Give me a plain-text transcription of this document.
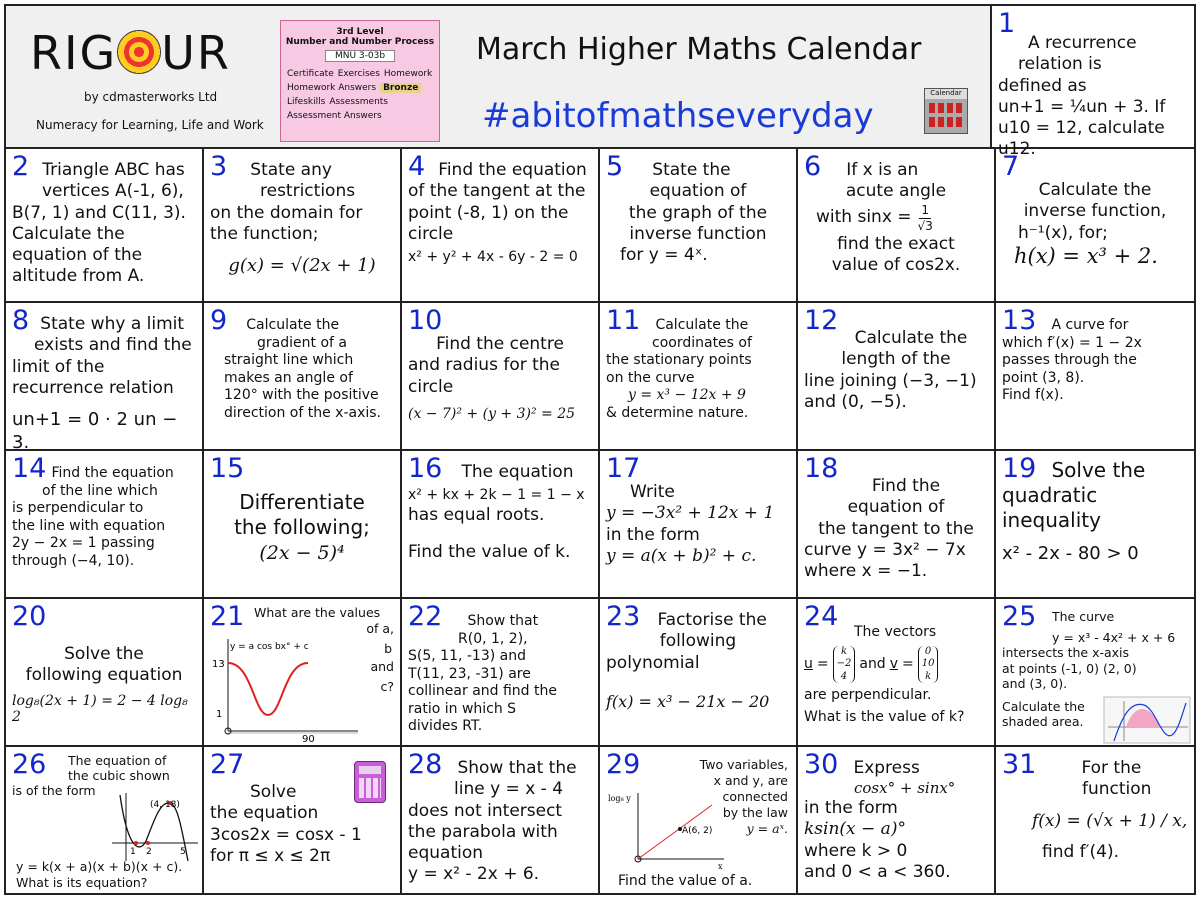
RIG UR
by cdmasterworks Ltd
Numeracy for Learning, Life and Work
3rd Level
Number and Number Process
MNU 3-03b
Certificate Exercises Homework
Homework Answers Bronze
Lifeskills Assessments
Assessment Answers
March Higher Maths Calendar
#abitofmathseveryday
Calendar
1
A recurrence
relation is
defined as
un+1 = ¼un + 3. If
u10 = 12, calculate u12.
2 Triangle ABC has
vertices A(-1, 6),
B(7, 1) and C(11, 3).
Calculate the
equation of the
altitude from A.
3 State any
restrictions
on the domain for
the function;
g(x) = √(2x + 1)
4 Find the equation
of the tangent at the
point (-8, 1) on the
circle
x² + y² + 4x - 6y - 2 = 0
5 State the
equation of
the graph of the
inverse function
for y = 4ˣ.
6 If x is an
acute angle
with $\sin x = \frac{1}{√3}$
find the exact
value of cos2x.
7
Calculate the
inverse function,
h⁻¹(x), for;
h(x) = x³ + 2.
8 State why a limit
exists and find the
limit of the
recurrence relation
un+1 = 0 · 2 un − 3.
9 Calculate the
gradient of a
straight line which
makes an angle of
120° with the positive
direction of the x-axis.
10
Find the centre
and radius for the
circle
(x − 7)² + (y + 3)² = 25
11 Calculate the
coordinates of
the stationary points
on the curve
y = x³ − 12x + 9
& determine nature.
12
Calculate the
length of the
line joining (−3, −1)
and (0, −5).
13 A curve for
which f′(x) = 1 − 2x
passes through the
point (3, 8).
Find f(x).
14 Find the equation
of the line which
is perpendicular to
the line with equation
2y − 2x = 1 passing
through (−4, 10).
15
Differentiate
the following;
(2x − 5)⁴
16 The equation
x² + kx + 2k − 1 = 1 − x
has equal roots.
Find the value of k.
17
Write
y = −3x² + 12x + 1
in the form
y = a(x + b)² + c.
18
Find the
equation of
the tangent to the
curve y = 3x² − 7x
where x = −1.
19 Solve the
quadratic
inequality
x² - 2x - 80 > 0
20
Solve the
following equation
log₈(2x + 1) = 2 − 4 log₈ 2
21 What are the values
of a,
b
and
c?
y = a cos bx° + c
13
1
90
22 Show that
R(0, 1, 2),
S(5, 11, -13) and
T(11, 23, -31) are
collinear and find the
ratio in which S
divides RT.
23 Factorise the
following
polynomial
f(x) = x³ − 21x − 20
24	The vectors
u =
k
−2
4
and v =
0
10
k
are perpendicular.
What is the value of k?
25 The curve
y = x³ - 4x² + x + 6
intersects the x-axis
at points (-1, 0) (2, 0)
and (3, 0).
Calculate the
shaded area.
26 The equation of
the cubic shown
is of the form
(4, 18)
1 2	5
y = k(x + a)(x + b)(x + c).
What is its equation?
27
Solve
the equation
3cos2x = cosx - 1
for π ≤ x ≤ 2π
28 Show that the
line y = x - 4
does not intersect
the parabola with
equation
y = x² - 2x + 6.
29	Two variables,
x and y, are
connected
by the law
y = aˣ.
log₈ y
x
A(6, 2)
Find the value of a.
30 Express
cosx° + sinx°
in the form
ksin(x − a)°
where k > 0
and 0 < a < 360.
31	For the
function
f(x) = (√x + 1) / x,
find f′(4).
